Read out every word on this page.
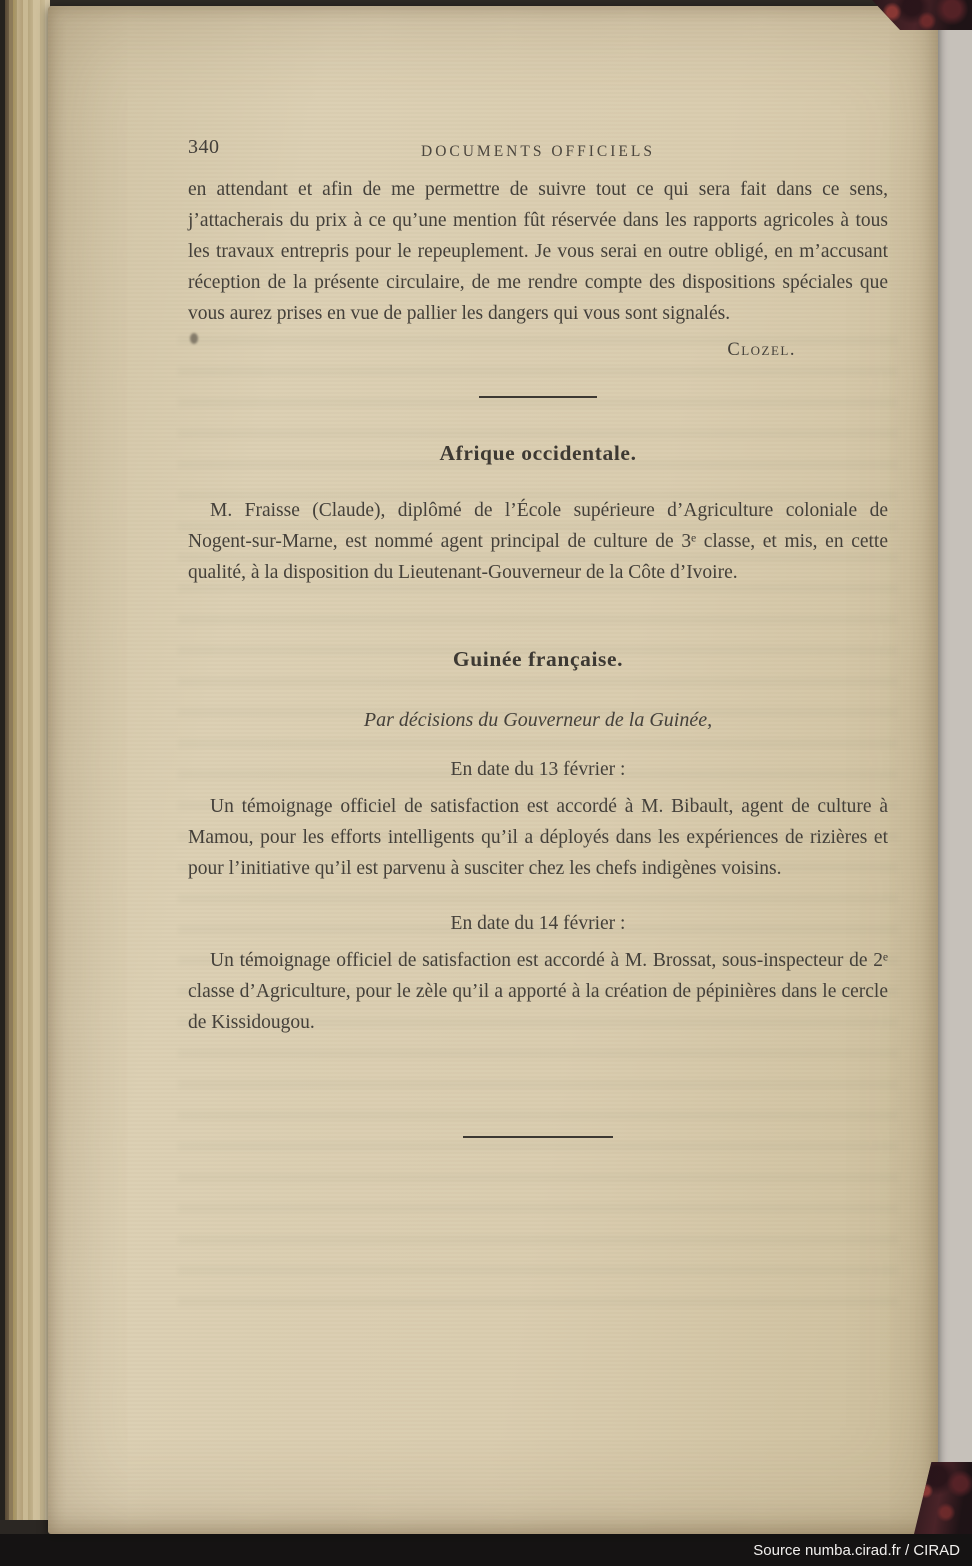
340	DOCUMENTS OFFICIELS

en attendant et afin de me permettre de suivre tout ce qui sera fait dans ce sens, j’attacherais du prix à ce qu’une mention fût réservée dans les rapports agricoles à tous les travaux entrepris pour le repeuplement. Je vous serai en outre obligé, en m’accusant réception de la présente circulaire, de me rendre compte des dispositions spéciales que vous aurez prises en vue de pallier les dangers qui vous sont signalés.

Clozel.
Afrique occidentale.

M. Fraisse (Claude), diplômé de l’École supérieure d’Agriculture coloniale de Nogent-sur-Marne, est nommé agent principal de culture de 3ᵉ classe, et mis, en cette qualité, à la disposition du Lieutenant-Gouverneur de la Côte d’Ivoire.

Guinée française.

Par décisions du Gouverneur de la Guinée,

En date du 13 février :

Un témoignage officiel de satisfaction est accordé à M. Bibault, agent de culture à Mamou, pour les efforts intelligents qu’il a déployés dans les expériences de rizières et pour l’initiative qu’il est parvenu à susciter chez les chefs indigènes voisins.

En date du 14 février :

Un témoignage officiel de satisfaction est accordé à M. Brossat, sous-inspecteur de 2ᵉ classe d’Agriculture, pour le zèle qu’il a apporté à la création de pépinières dans le cercle de Kissidougou.

Source numba.cirad.fr / CIRAD
